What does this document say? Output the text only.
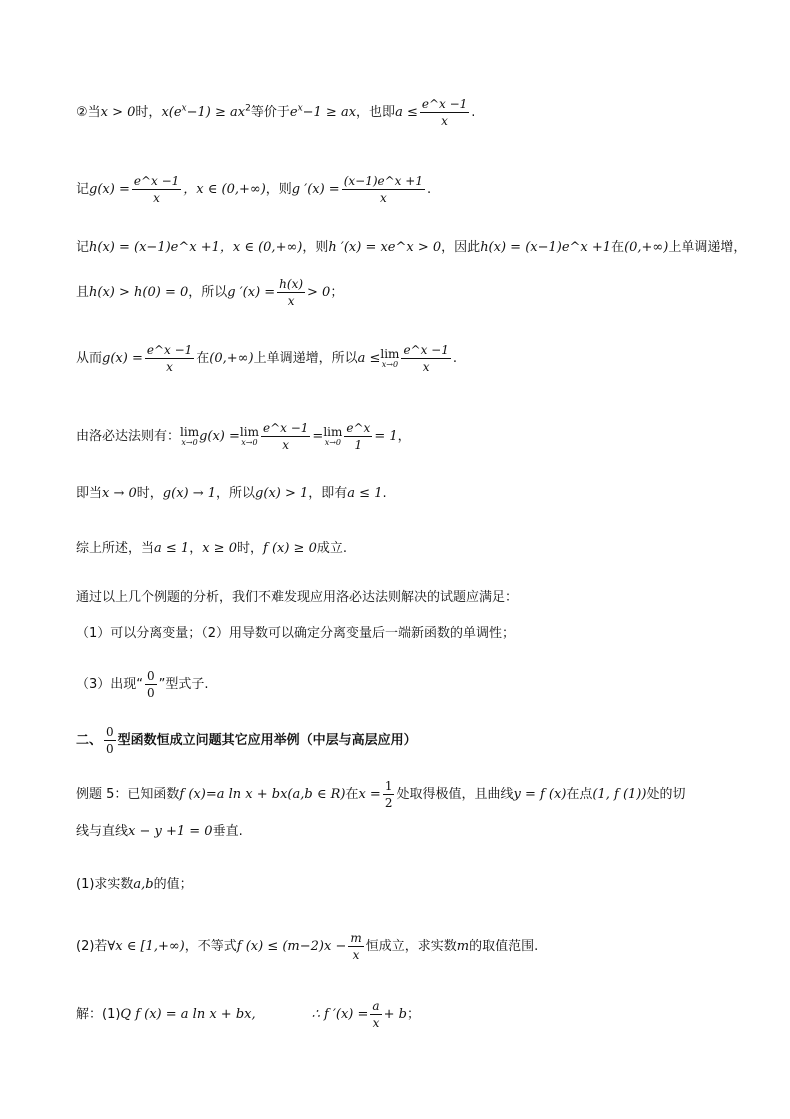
②当x > 0时，$x(e^x-1) \ge ax^2$等价于$e^x-1$ ≥ ax，也即$a \le \frac{e\^{}x -1}{x}$ .
记$g(x) = \frac{e\^{}x -1}{x}$ ，x ∈ (0,+∞)，则g $'(x) = \frac{(x-1)e\^{}x +1}{x}$ .
记h(x) = (x−1)e^x +1，x ∈ (0,+∞)，则h ′(x) = xe^x > 0，因此h(x) = (x−1)e^x +1在(0,+∞)上单调递增，
且h(x) > h(0) = 0，所以g $'(x) = \frac{h(x)}{x} > 0$；
从而$g(x) = \frac{e\^{}x -1}{x}$ 在(0,+∞)上单调递增，所以a ≤lim
$x\to 0 \frac{e\^{}x -1}{x}$ .
由洛必达法则有：lim
x→0 g(x) =lim
$x\to 0 \frac{e\^{}x -1}{x} =\lim$
$x\to 0 \frac{e\^{}x}{1} = 1$，
即当x → 0时，g(x) → 1，所以g(x) > 1，即有a ≤ 1.
综上所述，当a ≤ 1，x ≥ 0时，f (x) ≥ 0成立.
通过以上几个例题的分析，我们不难发现应用洛必达法则解决的试题应满足：
（1）可以分离变量；（2）用导数可以确定分离变量后一端新函数的单调性；
（3）出现“ $\frac{0}{0}$ ”型式子.
二、 $\frac{0}{0}$ 型函数恒成立问题其它应用举例（中层与高层应用）
例题 5：已知函数f (x)=a ln x + bx(a,b ∈ R)在$x = \frac{1}{2}$ 处取得极值，且曲线y = f (x)在点(1, f (1))处的切
线与直线x − y +1 = 0垂直.
(1)求实数a,b的值；
(2)若∀x ∈ [1,+∞)，不等式f $(x) \le (m-2)x - \frac{m}{x}$ 恒成立，求实数m的取值范围.
解：(1)Q f (x) = a ln x + bx,	∴ f $'(x) = \frac{a}{x} + b$；
